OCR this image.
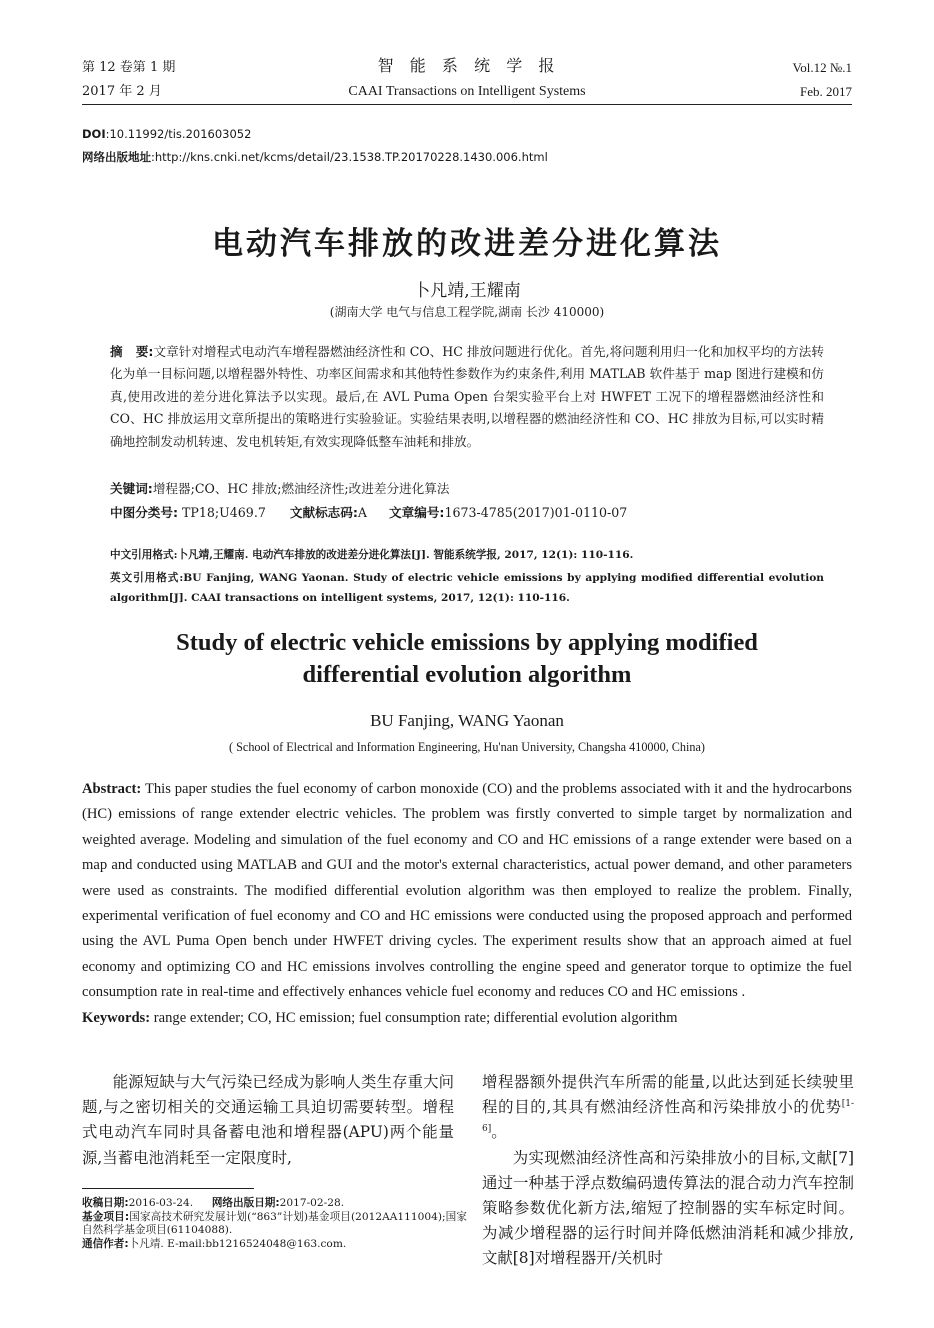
第 12 卷第 1 期
2017 年 2 月
智  能  系  统  学  报
CAAI Transactions on Intelligent Systems
Vol.12 №.1
Feb. 2017
DOI:10.11992/tis.201603052
网络出版地址:http://kns.cnki.net/kcms/detail/23.1538.TP.20170228.1430.006.html
电动汽车排放的改进差分进化算法
卜凡靖,王耀南
(湖南大学 电气与信息工程学院,湖南 长沙 410000)
摘   要:文章针对增程式电动汽车增程器燃油经济性和 CO、HC 排放问题进行优化。首先,将问题利用归一化和加权平均的方法转化为单一目标问题,以增程器外特性、功率区间需求和其他特性参数作为约束条件,利用 MATLAB 软件基于 map 图进行建模和仿真,使用改进的差分进化算法予以实现。最后,在 AVL Puma Open 台架实验平台上对 HWFET 工况下的增程器燃油经济性和 CO、HC 排放运用文章所提出的策略进行实验验证。实验结果表明,以增程器的燃油经济性和 CO、HC 排放为目标,可以实时精确地控制发动机转速、发电机转矩,有效实现降低整车油耗和排放。
关键词:增程器;CO、HC 排放;燃油经济性;改进差分进化算法
中图分类号: TP18;U469.7 文献标志码:A 文章编号:1673-4785(2017)01-0110-07
中文引用格式:卜凡靖,王耀南. 电动汽车排放的改进差分进化算法[J]. 智能系统学报, 2017, 12(1): 110-116.
英文引用格式:BU Fanjing, WANG Yaonan. Study of electric vehicle emissions by applying modified differential evolution algorithm[J]. CAAI transactions on intelligent systems, 2017, 12(1): 110-116.
Study of electric vehicle emissions by applying modified
differential evolution algorithm
BU Fanjing, WANG Yaonan
( School of Electrical and Information Engineering, Hu'nan University, Changsha 410000, China)
Abstract: This paper studies the fuel economy of carbon monoxide (CO) and the problems associated with it and the hydrocarbons (HC) emissions of range extender electric vehicles. The problem was firstly converted to simple target by normalization and weighted average. Modeling and simulation of the fuel economy and CO and HC emissions of a range extender were based on a map and conducted using MATLAB and GUI and the motor's external characteristics, actual power demand, and other parameters were used as constraints. The modified differential evolution algorithm was then employed to realize the problem. Finally, experimental verification of fuel economy and CO and HC emissions were conducted using the proposed approach and performed using the AVL Puma Open bench under HWFET driving cycles. The experiment results show that an approach aimed at fuel economy and optimizing CO and HC emissions involves controlling the engine speed and generator torque to optimize the fuel consumption rate in real-time and effectively enhances vehicle fuel economy and reduces CO and HC emissions .
Keywords: range extender; CO, HC emission; fuel consumption rate; differential evolution algorithm

能源短缺与大气污染已经成为影响人类生存重大问题,与之密切相关的交通运输工具迫切需要转型。增程式电动汽车同时具备蓄电池和增程器(APU)两个能量源,当蓄电池消耗至一定限度时,

增程器额外提供汽车所需的能量,以此达到延长续驶里程的目的,其具有燃油经济性高和污染排放小的优势[1-6]。

为实现燃油经济性高和污染排放小的目标,文献[7]通过一种基于浮点数编码遗传算法的混合动力汽车控制策略参数优化新方法,缩短了控制器的实车标定时间。为减少增程器的运行时间并降低燃油消耗和减少排放,文献[8]对增程器开/关机时

收稿日期:2016-03-24. 网络出版日期:2017-02-28.
基金项目:国家高技术研究发展计划(“863”计划)基金项目(2012AA111004);国家自然科学基金项目(61104088).
通信作者:卜凡靖. E-mail:bb1216524048@163.com.
